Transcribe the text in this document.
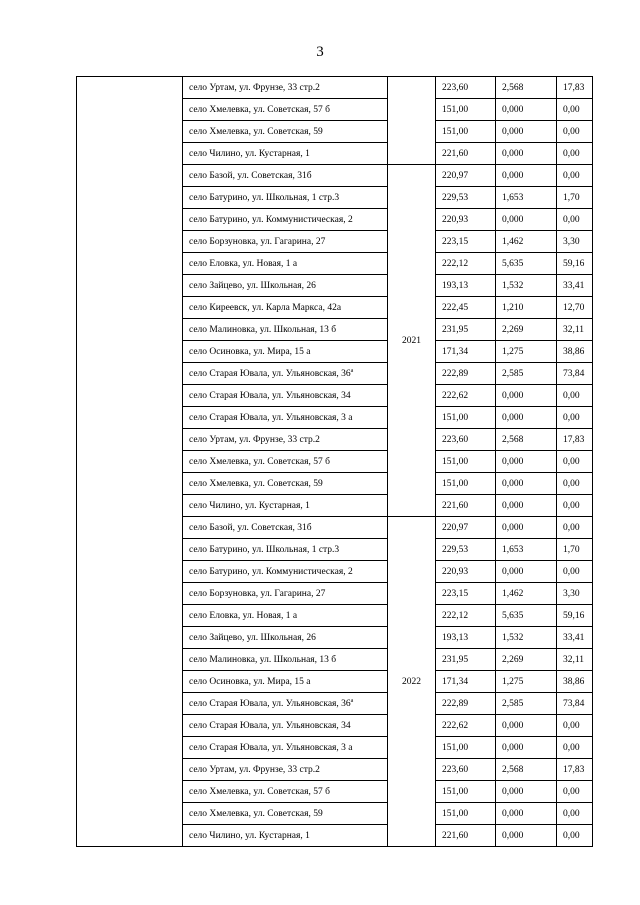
3
	село Уртам, ул. Фрунзе, 33 стр.2		223,60	2,568	17,83
	село Хмелевка, ул. Советская, 57 б		151,00	0,000	0,00
	село Хмелевка, ул. Советская, 59		151,00	0,000	0,00
	село Чилино, ул. Кустарная, 1		221,60	0,000	0,00
	село Базой, ул. Советская, 31б	2021	220,97	0,000	0,00
	село Батурино, ул. Школьная, 1 стр.3		229,53	1,653	1,70
	село Батурино, ул. Коммунистическая, 2		220,93	0,000	0,00
	село Борзуновка, ул. Гагарина, 27		223,15	1,462	3,30
	село Еловка, ул. Новая, 1 а		222,12	5,635	59,16
	село Зайцево, ул. Школьная, 26		193,13	1,532	33,41
	село Киреевск, ул. Карла Маркса, 42а		222,45	1,210	12,70
	село Малиновка, ул. Школьная, 13 б		231,95	2,269	32,11
	село Осиновка, ул. Мира, 15 а		171,34	1,275	38,86
	село Старая Ювала, ул. Ульяновская, $36^а$		222,89	2,585	73,84
	село Старая Ювала, ул. Ульяновская, 34		222,62	0,000	0,00
	село Старая Ювала, ул. Ульяновская, 3 а		151,00	0,000	0,00
	село Уртам, ул. Фрунзе, 33 стр.2		223,60	2,568	17,83
	село Хмелевка, ул. Советская, 57 б		151,00	0,000	0,00
	село Хмелевка, ул. Советская, 59		151,00	0,000	0,00
	село Чилино, ул. Кустарная, 1		221,60	0,000	0,00
	село Базой, ул. Советская, 31б	2022	220,97	0,000	0,00
	село Батурино, ул. Школьная, 1 стр.3		229,53	1,653	1,70
	село Батурино, ул. Коммунистическая, 2		220,93	0,000	0,00
	село Борзуновка, ул. Гагарина, 27		223,15	1,462	3,30
	село Еловка, ул. Новая, 1 а		222,12	5,635	59,16
	село Зайцево, ул. Школьная, 26		193,13	1,532	33,41
	село Малиновка, ул. Школьная, 13 б		231,95	2,269	32,11
	село Осиновка, ул. Мира, 15 а		171,34	1,275	38,86
	село Старая Ювала, ул. Ульяновская, $36^а$		222,89	2,585	73,84
	село Старая Ювала, ул. Ульяновская, 34		222,62	0,000	0,00
	село Старая Ювала, ул. Ульяновская, 3 а		151,00	0,000	0,00
	село Уртам, ул. Фрунзе, 33 стр.2		223,60	2,568	17,83
	село Хмелевка, ул. Советская, 57 б		151,00	0,000	0,00
	село Хмелевка, ул. Советская, 59		151,00	0,000	0,00
	село Чилино, ул. Кустарная, 1		221,60	0,000	0,00
